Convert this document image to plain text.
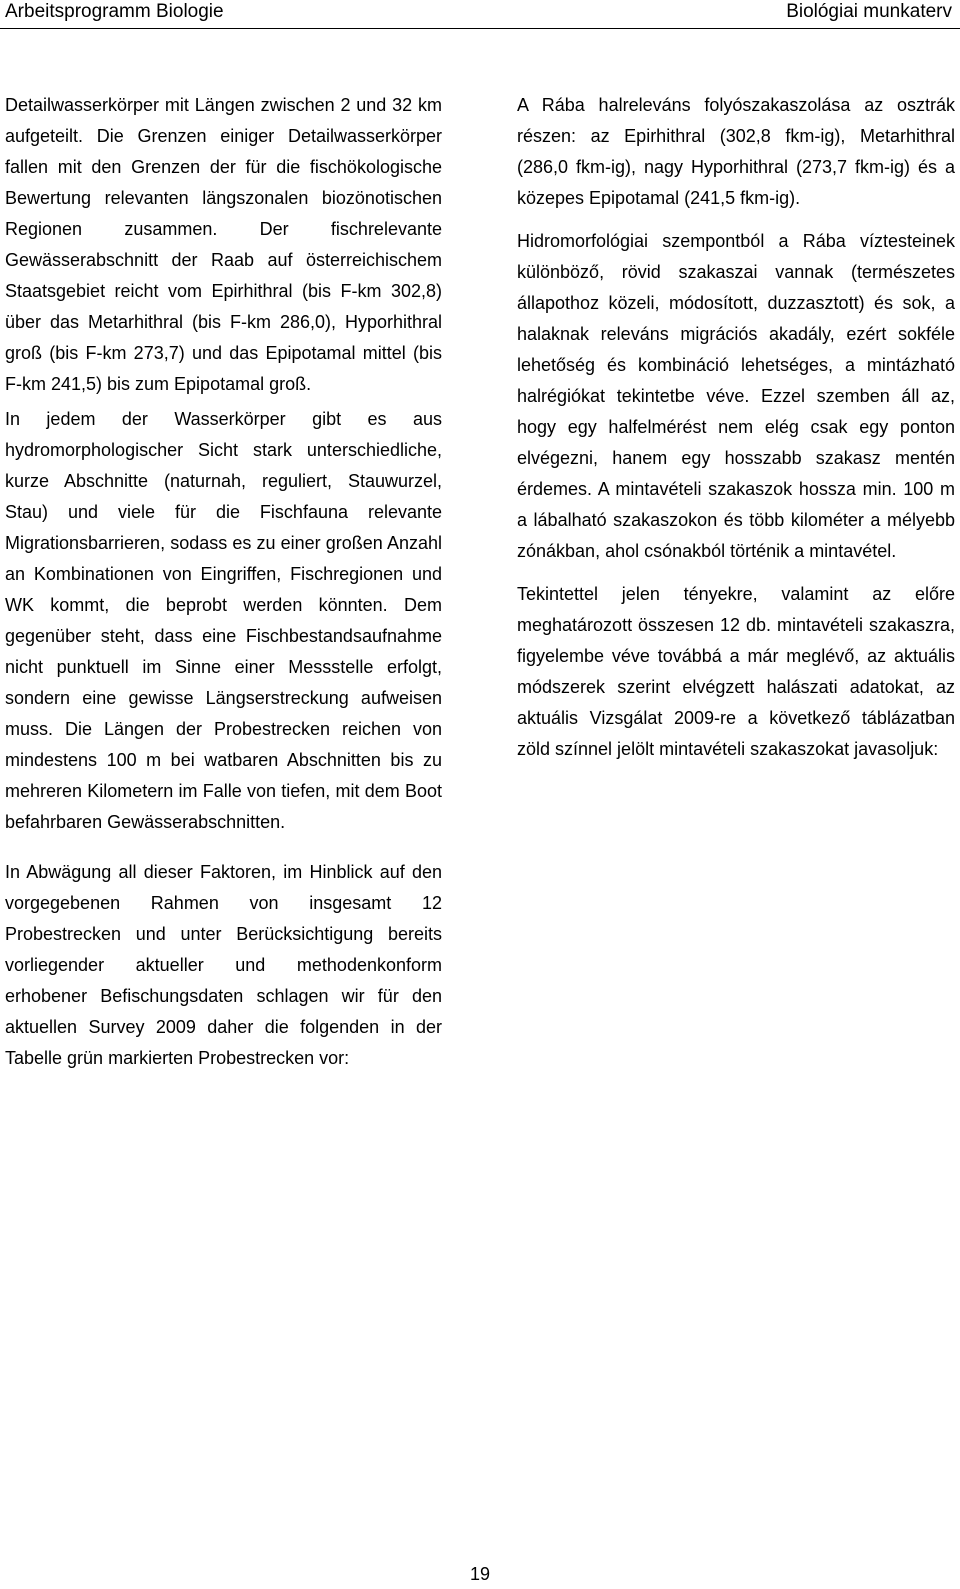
Arbeitsprogramm Biologie	Biológiai munkaterv

Detailwasserkörper mit Längen zwischen 2 und 32 km aufgeteilt. Die Grenzen einiger Detailwasserkörper fallen mit den Grenzen der für die fischökologische Bewertung relevanten längszonalen biozönotischen Regionen zusammen. Der fischrelevante Gewässerabschnitt der Raab auf österreichischem Staatsgebiet reicht vom Epirhithral (bis F-km 302,8) über das Metarhithral (bis F-km 286,0), Hyporhithral groß (bis F-km 273,7) und das Epipotamal mittel (bis F-km 241,5) bis zum Epipotamal groß.

In jedem der Wasserkörper gibt es aus hydromorphologischer Sicht stark unterschiedliche, kurze Abschnitte (naturnah, reguliert, Stauwurzel, Stau) und viele für die Fischfauna relevante Migrationsbarrieren, sodass es zu einer großen Anzahl an Kombinationen von Eingriffen, Fischregionen und WK kommt, die beprobt werden könnten. Dem gegenüber steht, dass eine Fischbestandsaufnahme nicht punktuell im Sinne einer Messstelle erfolgt, sondern eine gewisse Längserstreckung aufweisen muss. Die Längen der Probestrecken reichen von mindestens 100 m bei watbaren Abschnitten bis zu mehreren Kilometern im Falle von tiefen, mit dem Boot befahrbaren Gewässerabschnitten.

In Abwägung all dieser Faktoren, im Hinblick auf den vorgegebenen Rahmen von insgesamt 12 Probestrecken und unter Berücksichtigung bereits vorliegender aktueller und methodenkonform erhobener Befischungsdaten schlagen wir für den aktuellen Survey 2009 daher die folgenden in der Tabelle grün markierten Probestrecken vor:

A Rába halreleváns folyószakaszolása az osztrák részen: az Epirhithral (302,8 fkm-ig), Metarhithral (286,0 fkm-ig), nagy Hyporhithral (273,7 fkm-ig) és a közepes Epipotamal (241,5 fkm-ig).

Hidromorfológiai szempontból a Rába víztesteinek különböző, rövid szakaszai vannak (természetes állapothoz közeli, módosított, duzzasztott) és sok, a halaknak releváns migrációs akadály, ezért sokféle lehetőség és kombináció lehetséges, a mintázható halrégiókat tekintetbe véve. Ezzel szemben áll az, hogy egy halfelmérést nem elég csak egy ponton elvégezni, hanem egy hosszabb szakasz mentén érdemes. A mintavételi szakaszok hossza min. 100 m a lábalható szakaszokon és több kilométer a mélyebb zónákban, ahol csónakból történik a mintavétel.

Tekintettel jelen tényekre, valamint az előre meghatározott összesen 12 db. mintavételi szakaszra, figyelembe véve továbbá a már meglévő, az aktuális módszerek szerint elvégzett halászati adatokat, az aktuális Vizsgálat 2009-re a következő táblázatban zöld színnel jelölt mintavételi szakaszokat javasoljuk:

19
